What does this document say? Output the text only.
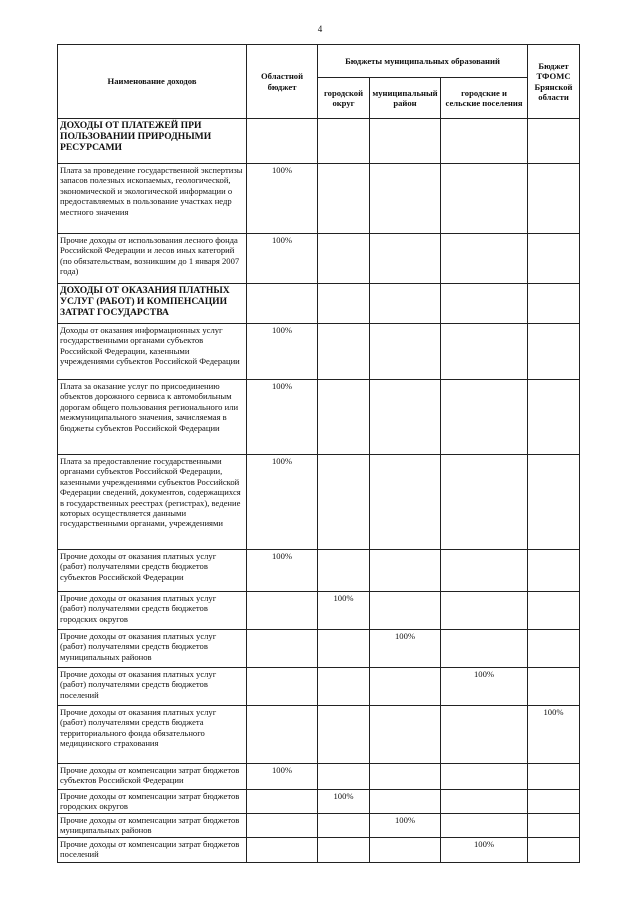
4
Наименование доходов	Областной бюджет	Бюджеты муниципальных образований			Бюджет ТФОМС Брянской области
		городской округ	муниципальный район	городские и сельские поселения	
ДОХОДЫ ОТ ПЛАТЕЖЕЙ ПРИ ПОЛЬЗОВАНИИ ПРИРОДНЫМИ РЕСУРСАМИ					
Плата за проведение государственной экспертизы запасов полезных ископаемых, геологической, экономической и экологической информации о предоставляемых в пользование участках недр местного значения	100%				
Прочие доходы от использования лесного фонда Российской Федерации и лесов иных категорий (по обязательствам, возникшим до 1 января 2007 года)	100%				
ДОХОДЫ ОТ ОКАЗАНИЯ ПЛАТНЫХ УСЛУГ (РАБОТ) И КОМПЕНСАЦИИ ЗАТРАТ ГОСУДАРСТВА					
Доходы от оказания информационных услуг государственными органами субъектов Российской Федерации, казенными учреждениями субъектов Российской Федерации	100%				
Плата за оказание услуг по присоединению объектов дорожного сервиса к автомобильным дорогам общего пользования регионального или межмуниципального значения, зачисляемая в бюджеты субъектов Российской Федерации	100%				
Плата за предоставление государственными органами субъектов Российской Федерации, казенными учреждениями субъектов Российской Федерации сведений, документов, содержащихся в государственных реестрах (регистрах), ведение которых осуществляется данными государственными органами, учреждениями	100%				
Прочие доходы от оказания платных услуг (работ) получателями средств бюджетов субъектов Российской Федерации	100%				
Прочие доходы от оказания платных услуг (работ) получателями средств бюджетов городских округов		100%			
Прочие доходы от оказания платных услуг (работ) получателями средств бюджетов муниципальных районов			100%		
Прочие доходы от оказания платных услуг (работ) получателями средств бюджетов поселений				100%	
Прочие доходы от оказания платных услуг (работ) получателями средств бюджета территориального фонда обязательного медицинского страхования					100%
Прочие доходы от компенсации затрат бюджетов субъектов Российской Федерации	100%				
Прочие доходы от компенсации затрат бюджетов городских округов		100%			
Прочие доходы от компенсации затрат бюджетов муниципальных районов			100%		
Прочие доходы от компенсации затрат бюджетов поселений				100%	
